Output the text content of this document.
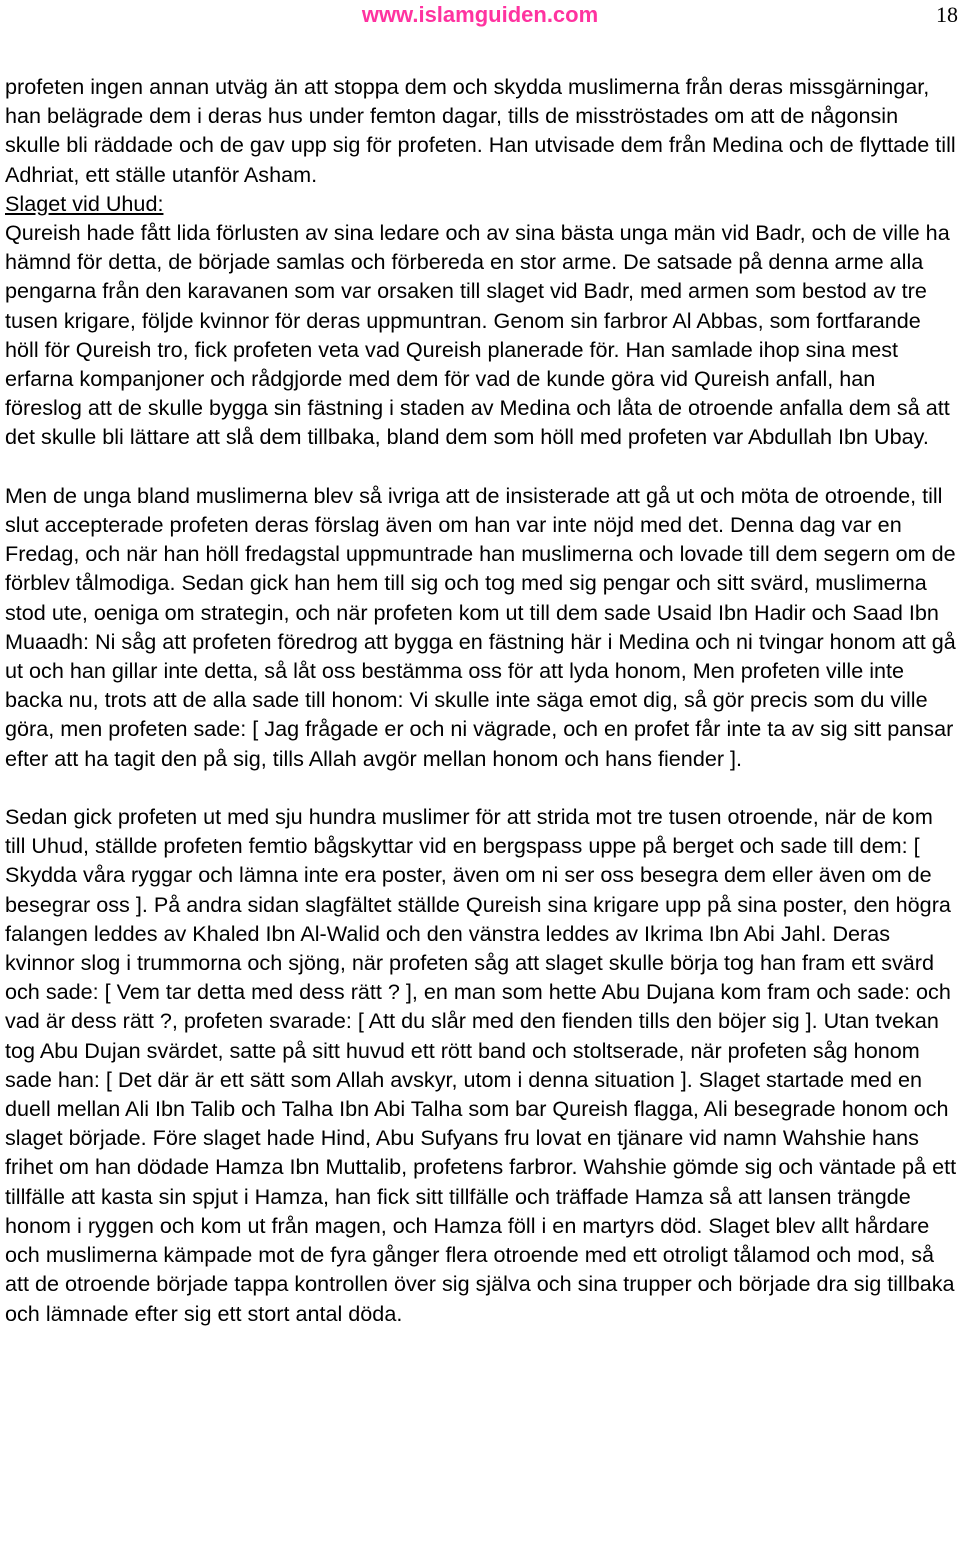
www.islamguiden.com	18

profeten ingen annan utväg än att stoppa dem och skydda muslimerna från deras missgärningar, han belägrade dem i deras hus under femton dagar, tills de misströstades om att de någonsin skulle bli räddade och de gav upp sig för profeten. Han utvisade dem från Medina och de flyttade till Adhriat, ett ställe utanför Asham.

Slaget vid Uhud:

Qureish hade fått lida förlusten av sina ledare och av sina bästa unga män vid Badr, och de ville ha hämnd för detta, de började samlas och förbereda en stor arme. De satsade på denna arme alla pengarna från den karavanen som var orsaken till slaget vid Badr, med armen som bestod av tre tusen krigare, följde kvinnor för deras uppmuntran. Genom sin farbror Al Abbas, som fortfarande höll för Qureish tro, fick profeten veta vad Qureish planerade för. Han samlade ihop sina mest erfarna kompanjoner och rådgjorde med dem för vad de kunde göra vid Qureish anfall, han föreslog att de skulle bygga sin fästning i staden av Medina och låta de otroende anfalla dem så att det skulle bli lättare att slå dem tillbaka, bland dem som höll med profeten var Abdullah Ibn Ubay.

Men de unga bland muslimerna blev så ivriga att de insisterade att gå ut och möta de otroende, till slut accepterade profeten deras förslag även om han var inte nöjd med det. Denna dag var en Fredag, och när han höll fredagstal uppmuntrade han muslimerna och lovade till dem segern om de förblev tålmodiga. Sedan gick han hem till sig och tog med sig pengar och sitt svärd, muslimerna stod ute, oeniga om strategin, och när profeten kom ut till dem sade Usaid Ibn Hadir och Saad Ibn Muaadh: Ni såg att profeten föredrog att bygga en fästning här i Medina och ni tvingar honom att gå ut och han gillar inte detta, så låt oss bestämma oss för att lyda honom, Men profeten ville inte backa nu, trots att de alla sade till honom: Vi skulle inte säga emot dig, så gör precis som du ville göra, men profeten sade: [ Jag frågade er och ni vägrade, och en profet får inte ta av sig sitt pansar efter att ha tagit den på sig, tills Allah avgör mellan honom och hans fiender ].

Sedan gick profeten ut med sju hundra muslimer för att strida mot tre tusen otroende, när de kom till Uhud, ställde profeten femtio bågskyttar vid en bergspass uppe på berget och sade till dem: [ Skydda våra ryggar och lämna inte era poster, även om ni ser oss besegra dem eller även om de besegrar oss ]. På andra sidan slagfältet ställde Qureish sina krigare upp på sina poster, den högra falangen leddes av Khaled Ibn Al-Walid och den vänstra leddes av Ikrima Ibn Abi Jahl. Deras kvinnor slog i trummorna och sjöng, när profeten såg att slaget skulle börja tog han fram ett svärd och sade: [ Vem tar detta med dess rätt ? ], en man som hette Abu Dujana kom fram och sade: och vad är dess rätt ?, profeten svarade: [ Att du slår med den fienden tills den böjer sig ]. Utan tvekan tog Abu Dujan svärdet, satte på sitt huvud ett rött band och stoltserade, när profeten såg honom sade han: [ Det där är ett sätt som Allah avskyr, utom i denna situation ]. Slaget startade med en duell mellan Ali Ibn Talib och Talha Ibn Abi Talha som bar Qureish flagga, Ali besegrade honom och slaget började. Före slaget hade Hind, Abu Sufyans fru lovat en tjänare vid namn Wahshie hans frihet om han dödade Hamza Ibn Muttalib, profetens farbror. Wahshie gömde sig och väntade på ett tillfälle att kasta sin spjut i Hamza, han fick sitt tillfälle och träffade Hamza så att lansen trängde honom i ryggen och kom ut från magen, och Hamza föll i en martyrs död. Slaget blev allt hårdare och muslimerna kämpade mot de fyra gånger flera otroende med ett otroligt tålamod och mod, så att de otroende började tappa kontrollen över sig själva och sina trupper och började dra sig tillbaka och lämnade efter sig ett stort antal döda.
